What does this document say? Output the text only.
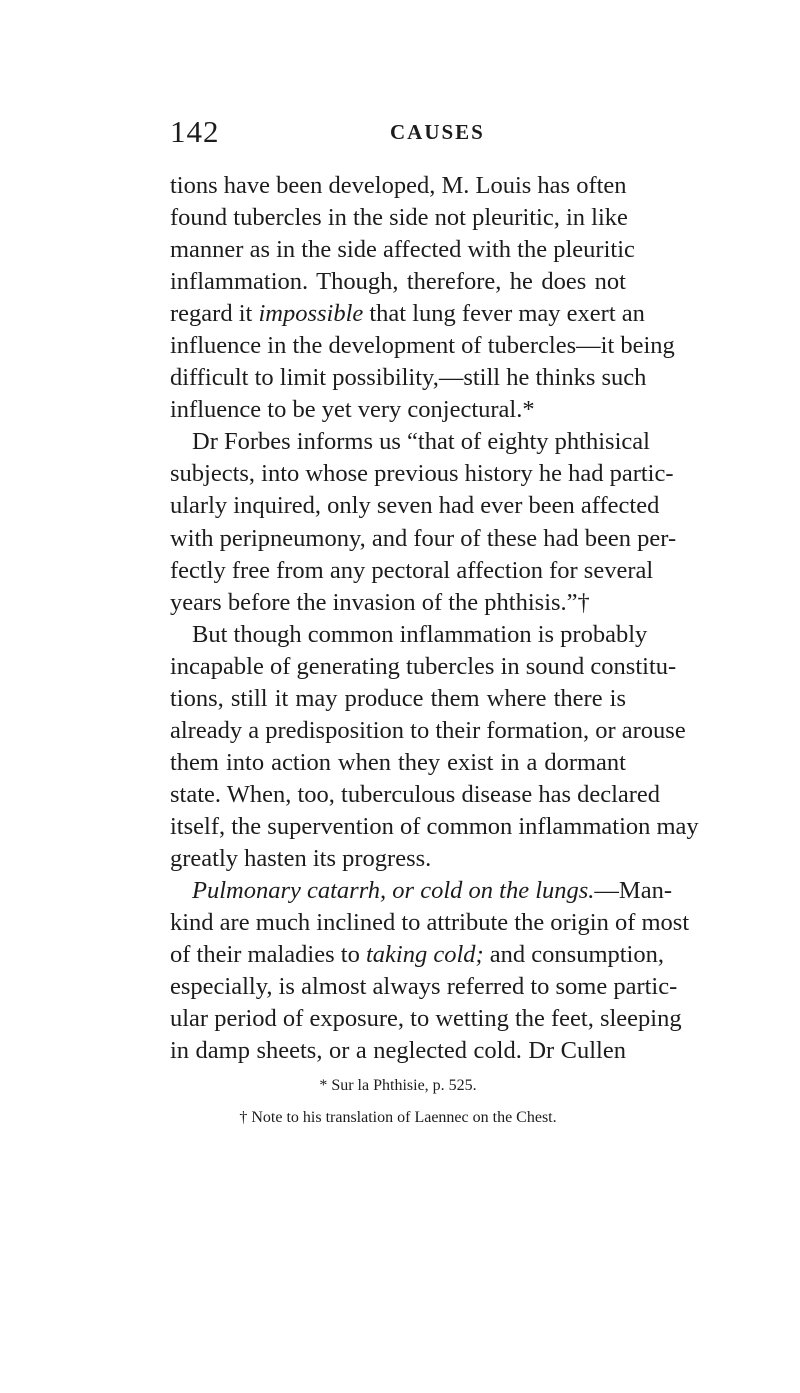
142	CAUSES
tions have been developed, M. Louis has often
found tubercles in the side not pleuritic, in like
manner as in the side affected with the pleuritic
inflammation. Though, therefore, he does not
regard it impossible that lung fever may exert an
influence in the development of tubercles—it being
difficult to limit possibility,—still he thinks such
influence to be yet very conjectural.*
Dr Forbes informs us “that of eighty phthisical
subjects, into whose previous history he had partic-
ularly inquired, only seven had ever been affected
with peripneumony, and four of these had been per-
fectly free from any pectoral affection for several
years before the invasion of the phthisis.”†
But though common inflammation is probably
incapable of generating tubercles in sound constitu-
tions, still it may produce them where there is
already a predisposition to their formation, or arouse
them into action when they exist in a dormant
state. When, too, tuberculous disease has declared
itself, the supervention of common inflammation may
greatly hasten its progress.
Pulmonary catarrh, or cold on the lungs.—Man-
kind are much inclined to attribute the origin of most
of their maladies to taking cold; and consumption,
especially, is almost always referred to some partic-
ular period of exposure, to wetting the feet, sleeping
in damp sheets, or a neglected cold. Dr Cullen
* Sur la Phthisie, p. 525.
† Note to his translation of Laennec on the Chest.
